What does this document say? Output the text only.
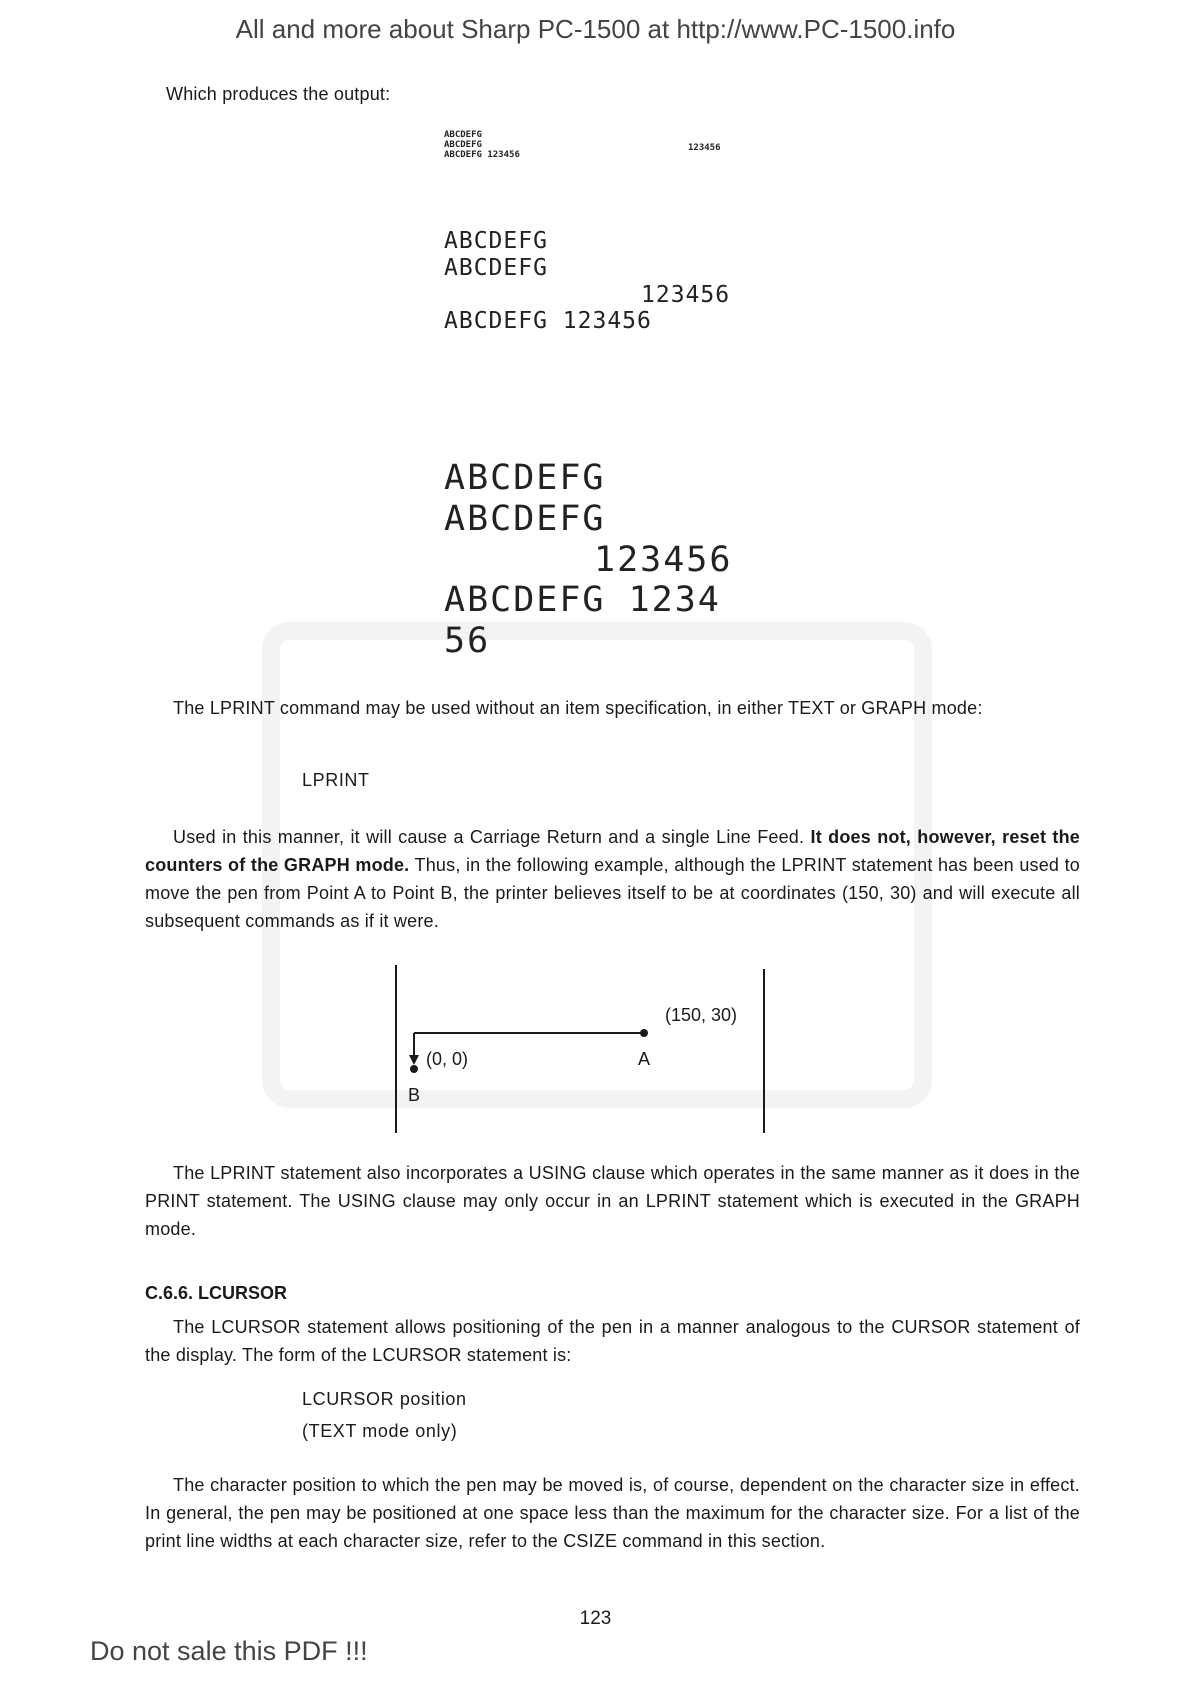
All and more about Sharp PC-1500 at http://www.PC-1500.info
Which produces the output:
ABCDEFG
ABCDEFG	123456
ABCDEFG 123456
ABCDEFG
ABCDEFG
123456
ABCDEFG 123456
ABCDEFG
ABCDEFG
123456
ABCDEFG 1234
56
The LPRINT command may be used without an item specification, in either TEXT or GRAPH mode:
LPRINT
Used in this manner, it will cause a Carriage Return and a single Line Feed. It does not, however, reset the counters of the GRAPH mode. Thus, in the following example, although the LPRINT statement has been used to move the pen from Point A to Point B, the printer believes itself to be at coordinates (150, 30) and will execute all subsequent commands as if it were.
(150, 30)
(0, 0)	A
B
The LPRINT statement also incorporates a USING clause which operates in the same manner as it does in the PRINT statement. The USING clause may only occur in an LPRINT statement which is executed in the GRAPH mode.
C.6.6. LCURSOR
The LCURSOR statement allows positioning of the pen in a manner analogous to the CURSOR statement of the display. The form of the LCURSOR statement is:
LCURSOR position
(TEXT mode only)
The character position to which the pen may be moved is, of course, dependent on the character size in effect. In general, the pen may be positioned at one space less than the maximum for the character size. For a list of the print line widths at each character size, refer to the CSIZE command in this section.
123
Do not sale this PDF !!!
